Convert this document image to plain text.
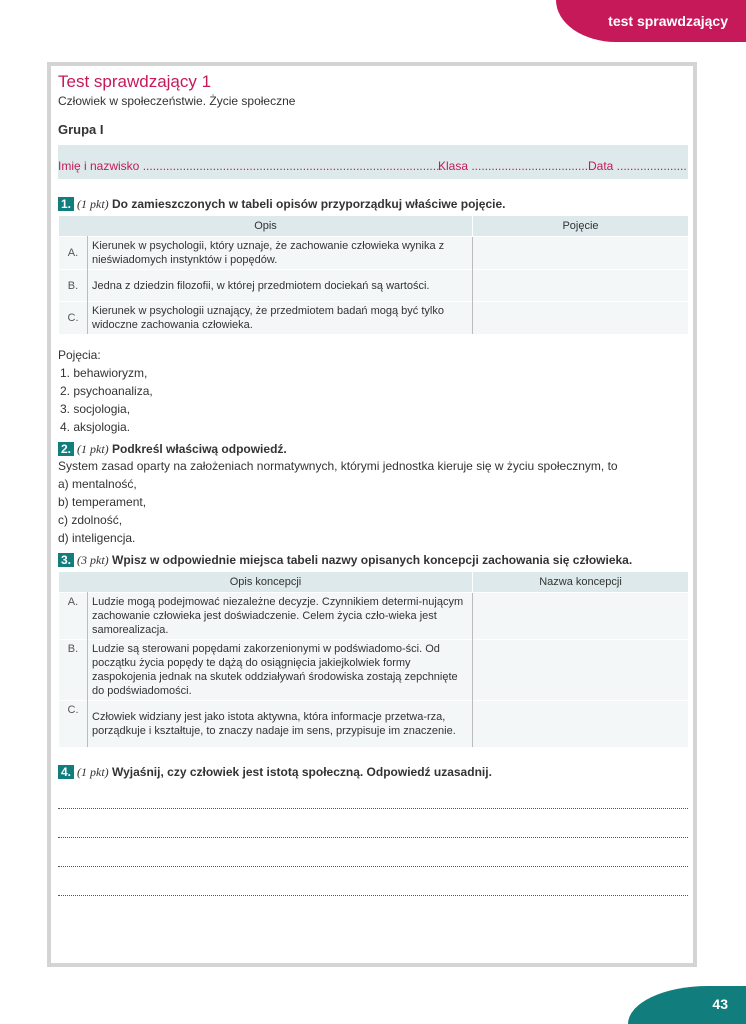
test sprawdzający
Test sprawdzający 1
Człowiek w społeczeństwie. Życie społeczne
Grupa I
Imię i nazwisko ..........................................................................................
Klasa ....................................
Data .....................
1. (1 pkt) Do zamieszczonych w tabeli opisów przyporządkuj właściwe pojęcie.
Opis		Pojęcie
A.	Kierunek w psychologii, który uznaje, że zachowanie człowieka wynika z nieświadomych instynktów i popędów.	
B.	Jedna z dziedzin filozofii, w której przedmiotem dociekań są wartości.	
C.	Kierunek w psychologii uznający, że przedmiotem badań mogą być tylko widoczne zachowania człowieka.	
Pojęcia:
1. behawioryzm,
2. psychoanaliza,
3. socjologia,
4. aksjologia.
2. (1 pkt) Podkreśl właściwą odpowiedź.
System zasad oparty na założeniach normatywnych, którymi jednostka kieruje się w życiu społecznym, to
a) mentalność,
b) temperament,
c) zdolność,
d) inteligencja.
3. (3 pkt) Wpisz w odpowiednie miejsca tabeli nazwy opisanych koncepcji zachowania się człowieka.
Opis koncepcji		Nazwa koncepcji
A.	Ludzie mogą podejmować niezależne decyzje. Czynnikiem determi-nującym zachowanie człowieka jest doświadczenie. Celem życia czło-wieka jest samorealizacja.	
B.	Ludzie są sterowani popędami zakorzenionymi w podświadomo-ści. Od początku życia popędy te dążą do osiągnięcia jakiejkolwiek formy zaspokojenia jednak na skutek oddziaływań środowiska zostają zepchnięte do podświadomości.	
C.	Człowiek widziany jest jako istota aktywna, która informacje przetwa-rza, porządkuje i kształtuje, to znaczy nadaje im sens, przypisuje im znaczenie.	
4. (1 pkt) Wyjaśnij, czy człowiek jest istotą społeczną. Odpowiedź uzasadnij.
43
